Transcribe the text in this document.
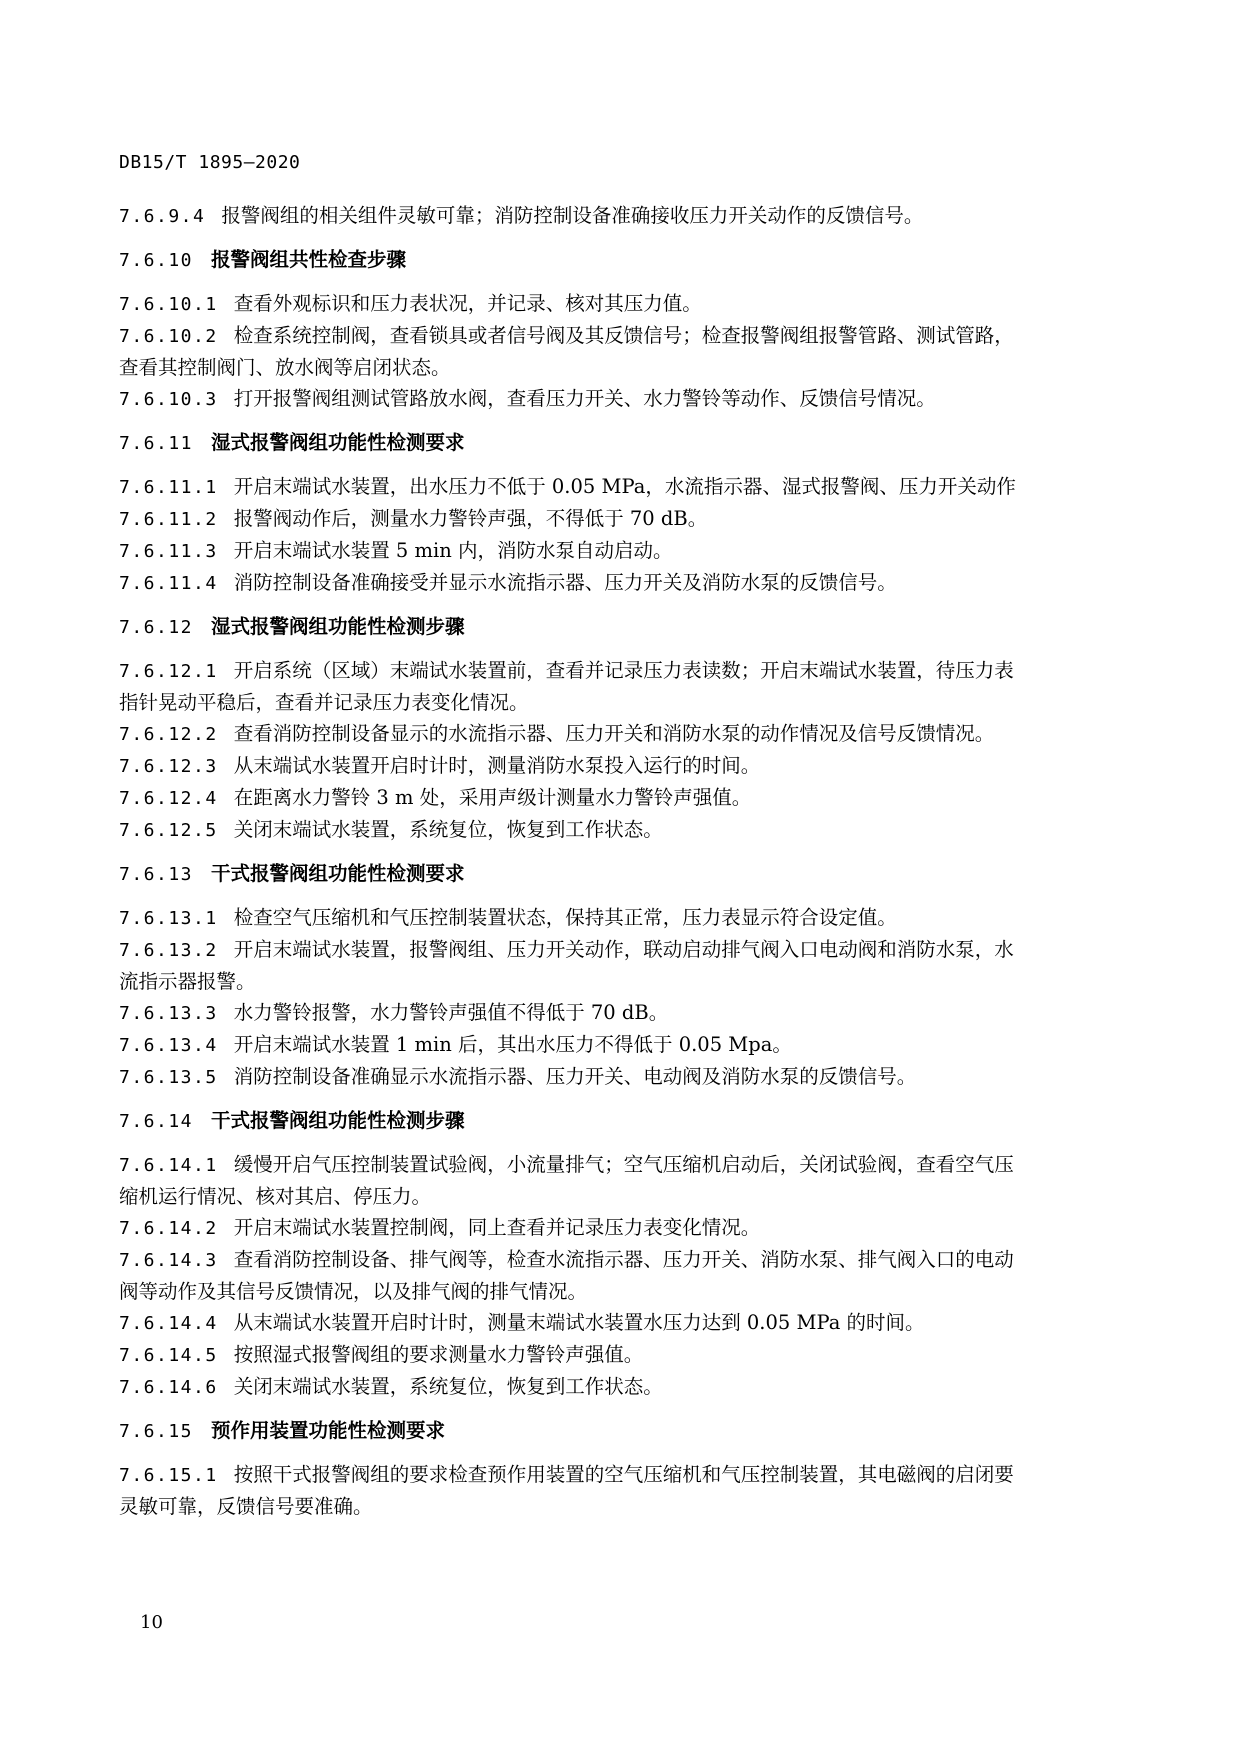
DB15/T 1895—2020
7.6.9.4 报警阀组的相关组件灵敏可靠；消防控制设备准确接收压力开关动作的反馈信号。
7.6.10 报警阀组共性检查步骤
7.6.10.1 查看外观标识和压力表状况，并记录、核对其压力值。
7.6.10.2 检查系统控制阀，查看锁具或者信号阀及其反馈信号；检查报警阀组报警管路、测试管路，
查看其控制阀门、放水阀等启闭状态。
7.6.10.3 打开报警阀组测试管路放水阀，查看压力开关、水力警铃等动作、反馈信号情况。
7.6.11 湿式报警阀组功能性检测要求
7.6.11.1 开启末端试水装置，出水压力不低于 0.05 MPa，水流指示器、湿式报警阀、压力开关动作
7.6.11.2 报警阀动作后，测量水力警铃声强，不得低于 70 dB。
7.6.11.3 开启末端试水装置 5 min 内，消防水泵自动启动。
7.6.11.4 消防控制设备准确接受并显示水流指示器、压力开关及消防水泵的反馈信号。
7.6.12 湿式报警阀组功能性检测步骤
7.6.12.1 开启系统（区域）末端试水装置前，查看并记录压力表读数；开启末端试水装置，待压力表
指针晃动平稳后，查看并记录压力表变化情况。
7.6.12.2 查看消防控制设备显示的水流指示器、压力开关和消防水泵的动作情况及信号反馈情况。
7.6.12.3 从末端试水装置开启时计时，测量消防水泵投入运行的时间。
7.6.12.4 在距离水力警铃 3 m 处，采用声级计测量水力警铃声强值。
7.6.12.5 关闭末端试水装置，系统复位，恢复到工作状态。
7.6.13 干式报警阀组功能性检测要求
7.6.13.1 检查空气压缩机和气压控制装置状态，保持其正常，压力表显示符合设定值。
7.6.13.2 开启末端试水装置，报警阀组、压力开关动作，联动启动排气阀入口电动阀和消防水泵，水
流指示器报警。
7.6.13.3 水力警铃报警，水力警铃声强值不得低于 70 dB。
7.6.13.4 开启末端试水装置 1 min 后，其出水压力不得低于 0.05 Mpa。
7.6.13.5 消防控制设备准确显示水流指示器、压力开关、电动阀及消防水泵的反馈信号。
7.6.14 干式报警阀组功能性检测步骤
7.6.14.1 缓慢开启气压控制装置试验阀，小流量排气；空气压缩机启动后，关闭试验阀，查看空气压
缩机运行情况、核对其启、停压力。
7.6.14.2 开启末端试水装置控制阀，同上查看并记录压力表变化情况。
7.6.14.3 查看消防控制设备、排气阀等，检查水流指示器、压力开关、消防水泵、排气阀入口的电动
阀等动作及其信号反馈情况，以及排气阀的排气情况。
7.6.14.4 从末端试水装置开启时计时，测量末端试水装置水压力达到 0.05 MPa 的时间。
7.6.14.5 按照湿式报警阀组的要求测量水力警铃声强值。
7.6.14.6 关闭末端试水装置，系统复位，恢复到工作状态。
7.6.15 预作用装置功能性检测要求
7.6.15.1 按照干式报警阀组的要求检查预作用装置的空气压缩机和气压控制装置，其电磁阀的启闭要
灵敏可靠，反馈信号要准确。
10
